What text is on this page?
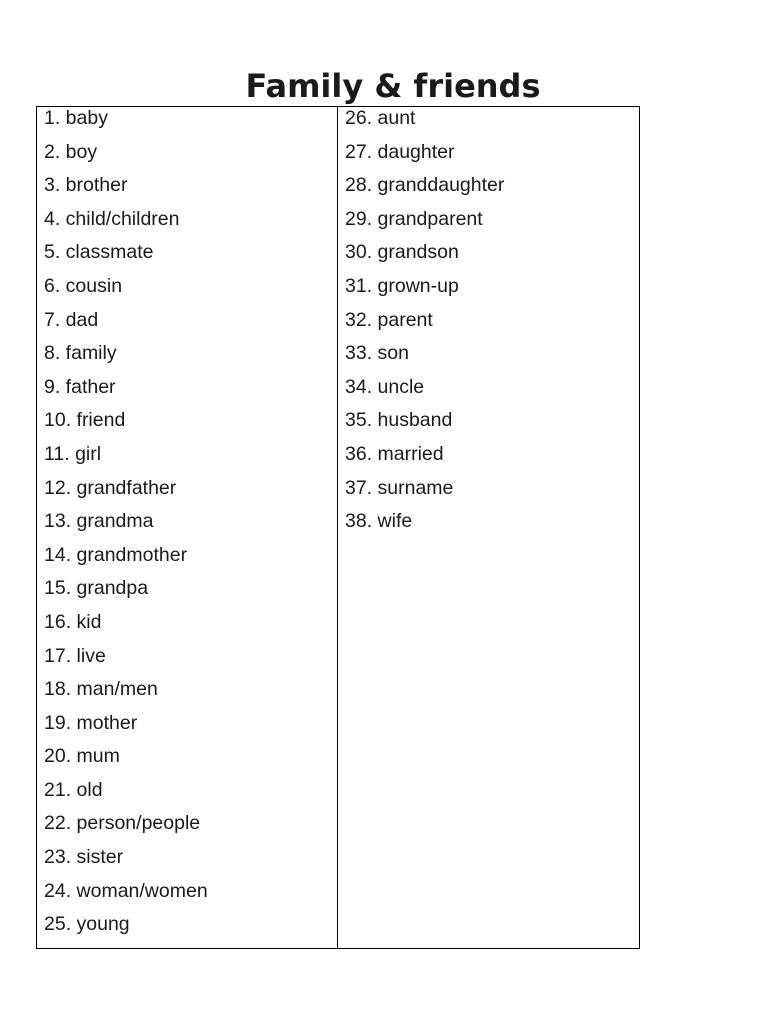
Family & friends
1. baby
2. boy
3. brother
4. child/children
5. classmate
6. cousin
7. dad
8. family
9. father
10. friend
11. girl
12. grandfather
13. grandma
14. grandmother
15. grandpa
16. kid
17. live
18. man/men
19. mother
20. mum
21. old
22. person/people
23. sister
24. woman/women
25. young
26. aunt
27. daughter
28. granddaughter
29. grandparent
30. grandson
31. grown-up
32. parent
33. son
34. uncle
35. husband
36. married
37. surname
38. wife
